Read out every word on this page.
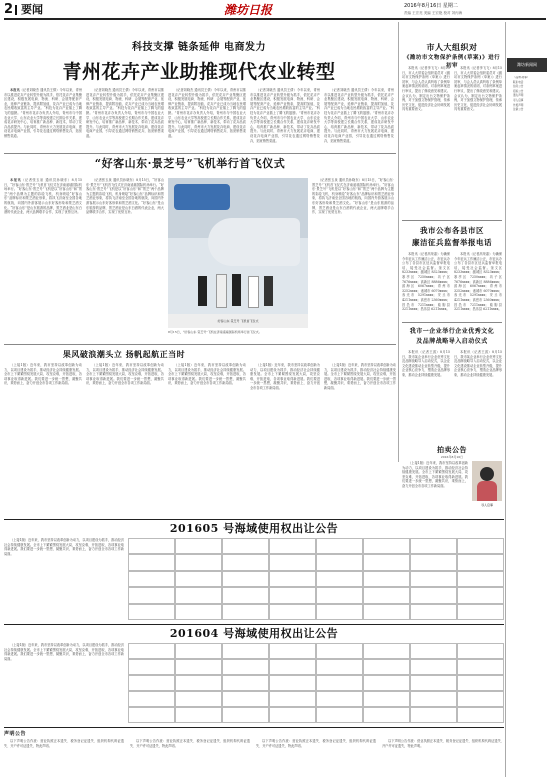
2 要闻	潍坊日报	2016年8月16日 星期二
责编 王宏亮 美编 王宏艳 校对 刘丙海
科技支撑 链条延伸 电商发力
青州花卉产业助推现代农业转型

本报讯（记者刘晓杰 通讯员王倩）今年以来，青州市以推进花卉产业转型升级为抓手，依托花卉产业集聚区建设，积极发展电商、物流、科研、会展等配套产业，延伸产业链条，提高附加值，花卉产业已成为当地农民增收致富的主导产业。“科技为花卉产业插上了腾飞的翅膀。”青州市花卉办负责人介绍，青州市与中国农业大学、山东农业大学等高校建立长期合作关系，建成花卉研发中心，培育推广新品种、新技术，带动了花卉品质提升。与此同时，青州市大力发展花卉电商，建设花卉电商产业园，引导花农通过网络销售花卉，拓宽销售渠道。

（记者刘晓杰 通讯员王倩）今年以来，青州市以推进花卉产业转型升级为抓手，依托花卉产业集聚区建设，积极发展电商、物流、科研、会展等配套产业，延伸产业链条，提高附加值，花卉产业已成为当地农民增收致富的主导产业。“科技为花卉产业插上了腾飞的翅膀。”青州市花卉办负责人介绍，青州市与中国农业大学、山东农业大学等高校建立长期合作关系，建成花卉研发中心，培育推广新品种、新技术，带动了花卉品质提升。与此同时，青州市大力发展花卉电商，建设花卉电商产业园，引导花农通过网络销售花卉，拓宽销售渠道。

（记者刘晓杰 通讯员王倩）今年以来，青州市以推进花卉产业转型升级为抓手，依托花卉产业集聚区建设，积极发展电商、物流、科研、会展等配套产业，延伸产业链条，提高附加值，花卉产业已成为当地农民增收致富的主导产业。“科技为花卉产业插上了腾飞的翅膀。”青州市花卉办负责人介绍，青州市与中国农业大学、山东农业大学等高校建立长期合作关系，建成花卉研发中心，培育推广新品种、新技术，带动了花卉品质提升。与此同时，青州市大力发展花卉电商，建设花卉电商产业园，引导花农通过网络销售花卉，拓宽销售渠道。

（记者刘晓杰 通讯员王倩）今年以来，青州市以推进花卉产业转型升级为抓手，依托花卉产业集聚区建设，积极发展电商、物流、科研、会展等配套产业，延伸产业链条，提高附加值，花卉产业已成为当地农民增收致富的主导产业。“科技为花卉产业插上了腾飞的翅膀。”青州市花卉办负责人介绍，青州市与中国农业大学、山东农业大学等高校建立长期合作关系，建成花卉研发中心，培育推广新品种、新技术，带动了花卉品质提升。与此同时，青州市大力发展花卉电商，建设花卉电商产业园，引导花农通过网络销售花卉，拓宽销售渠道。

（记者刘晓杰 通讯员王倩）今年以来，青州市以推进花卉产业转型升级为抓手，依托花卉产业集聚区建设，积极发展电商、物流、科研、会展等配套产业，延伸产业链条，提高附加值，花卉产业已成为当地农民增收致富的主导产业。“科技为花卉产业插上了腾飞的翅膀。”青州市花卉办负责人介绍，青州市与中国农业大学、山东农业大学等高校建立长期合作关系，建成花卉研发中心，培育推广新品种、新技术，带动了花卉品质提升。与此同时，青州市大力发展花卉电商，建设花卉电商产业园，引导花农通过网络销售花卉，拓宽销售渠道。

市人大组织对
《潍坊市文物保护条例(草案)》进行初审

本报讯（记者李飞飞）8月15日，市人大常委会组织委员对《潍坊市文物保护条例（草案）》进行初审，与会人员认真听取了条例草案起草情况的说明，对条例草案进行审议，提出了修改意见和建议。会议认为，制定出台文物保护条例，对于加强文物保护管理，传承历史文化，促进经济社会协调发展具有重要意义。

本报讯（记者李飞飞）8月15日，市人大常委会组织委员对《潍坊市文物保护条例（草案）》进行初审，与会人员认真听取了条例草案起草情况的说明，对条例草案进行审议，提出了修改意见和建议。会议认为，制定出台文物保护条例，对于加强文物保护管理，传承历史文化，促进经济社会协调发展具有重要意义。

我市公布各县市区
廉洁征兵监督举报电话

本报讯（记者高荣嘉）为确保今年征兵工作廉洁公正，市征兵办公布了各县市区征兵监督举报电话，接受社会监督。奎文区 8233xxxx；潍城区 8323xxxx；寒亭区 7250xxxx；坊子区 7676xxxx；高新区 8886xxxx；滨海区 6067xxxx；青州市 3252xxxx；诸城市 6070xxxx；寿光市 5291xxxx；安丘市 4211xxxx；高密市 2360xxxx；昌邑市 7211xxxx；临朐县 3211xxxx；昌乐县 6211xxxx。

本报讯（记者高荣嘉）为确保今年征兵工作廉洁公正，市征兵办公布了各县市区征兵监督举报电话，接受社会监督。奎文区 8233xxxx；潍城区 8323xxxx；寒亭区 7250xxxx；坊子区 7676xxxx；高新区 8886xxxx；滨海区 6067xxxx；青州市 3252xxxx；诸城市 6070xxxx；寿光市 5291xxxx；安丘市 4211xxxx；高密市 2360xxxx；昌邑市 7211xxxx；临朐县 3211xxxx；昌乐县 6211xxxx。

我市一企业举行企业优秀文化
及品牌战略导入启动仪式

本报讯（记者王滨）8月15日，我市某企业举行企业优秀文化及品牌战略导入启动仪式，以企业文化建设推动企业转型升级，提升企业核心竞争力，塑造企业品牌形象，推动企业持续健康发展。

本报讯（记者王滨）8月15日，我市某企业举行企业优秀文化及品牌战略导入启动仪式，以企业文化建设推动企业转型升级，提升企业核心竞争力，塑造企业品牌形象，推动企业持续健康发展。

潍坊新闻网

《品牌·故事》

联系电话

拍卖公告

招标公告

遗失声明

寻人启事

作废声明

注销公告

“好客山东·景芝号”飞机举行首飞仪式

本报讯（记者张玉泉 通讯员孙晓东）8月15日，“好客山东·景芝号”飞机首飞仪式在济南遥墙国际机场举行。“好客山东·景芝号”飞机是以“好客山东”和“景芝”两个品牌为主题的彩绘飞机，机身喷绘“好客山东”品牌标识和景芝酒业形象，将执飞济南至全国各地的航线，向国内外游客展示山东好客形象和景芝酒文化。“好客山东”是山东旅游的品牌，景芝酒业是山东白酒的代表企业，两大品牌联手合作，实现了优势互补。

（记者张玉泉 通讯员孙晓东）8月15日，“好客山东·景芝号”飞机首飞仪式在济南遥墙国际机场举行。“好客山东·景芝号”飞机是以“好客山东”和“景芝”两个品牌为主题的彩绘飞机，机身喷绘“好客山东”品牌标识和景芝酒业形象，将执飞济南至全国各地的航线，向国内外游客展示山东好客形象和景芝酒文化。“好客山东”是山东旅游的品牌，景芝酒业是山东白酒的代表企业，两大品牌联手合作，实现了优势互补。

好客山东·景芝号 飞机首飞仪式

（记者张玉泉 通讯员孙晓东）8月15日，“好客山东·景芝号”飞机首飞仪式在济南遥墙国际机场举行。“好客山东·景芝号”飞机是以“好客山东”和“景芝”两个品牌为主题的彩绘飞机，机身喷绘“好客山东”品牌标识和景芝酒业形象，将执飞济南至全国各地的航线，向国内外游客展示山东好客形象和景芝酒文化。“好客山东”是山东旅游的品牌，景芝酒业是山东白酒的代表企业，两大品牌联手合作，实现了优势互补。

8月15日，“好客山东·景芝号”飞机在济南遥墙国际机场举行首飞仪式。
果风破浪潮头立 扬帆起航正当时

（上接1版）近年来，我市坚持以改革创新为动力，以项目建设为抓手，推动经济社会持续健康发展。全市上下紧紧围绕发展大局，攻坚克难，开拓进取，各项事业取得新进展。我们要进一步统一思想，凝聚共识，乘势而上，奋力开创全市各项工作新局面。

（上接1版）近年来，我市坚持以改革创新为动力，以项目建设为抓手，推动经济社会持续健康发展。全市上下紧紧围绕发展大局，攻坚克难，开拓进取，各项事业取得新进展。我们要进一步统一思想，凝聚共识，乘势而上，奋力开创全市各项工作新局面。

（上接1版）近年来，我市坚持以改革创新为动力，以项目建设为抓手，推动经济社会持续健康发展。全市上下紧紧围绕发展大局，攻坚克难，开拓进取，各项事业取得新进展。我们要进一步统一思想，凝聚共识，乘势而上，奋力开创全市各项工作新局面。

（上接1版）近年来，我市坚持以改革创新为动力，以项目建设为抓手，推动经济社会持续健康发展。全市上下紧紧围绕发展大局，攻坚克难，开拓进取，各项事业取得新进展。我们要进一步统一思想，凝聚共识，乘势而上，奋力开创全市各项工作新局面。

（上接1版）近年来，我市坚持以改革创新为动力，以项目建设为抓手，推动经济社会持续健康发展。全市上下紧紧围绕发展大局，攻坚克难，开拓进取，各项事业取得新进展。我们要进一步统一思想，凝聚共识，乘势而上，奋力开创全市各项工作新局面。

拍卖公告
2016年8月16日

（上接1版）近年来，我市坚持以改革创新为动力，以项目建设为抓手，推动经济社会持续健康发展。全市上下紧紧围绕发展大局，攻坚克难，开拓进取，各项事业取得新进展。我们要进一步统一思想，凝聚共识，乘势而上，奋力开创全市各项工作新局面。

寻人启事
201605 号海域使用权出让公告

（上接1版）近年来，我市坚持以改革创新为动力，以项目建设为抓手，推动经济社会持续健康发展。全市上下紧紧围绕发展大局，攻坚克难，开拓进取，各项事业取得新进展。我们要进一步统一思想，凝聚共识，乘势而上，奋力开创全市各项工作新局面。

201604 号海域使用权出让公告

（上接1版）近年来，我市坚持以改革创新为动力，以项目建设为抓手，推动经济社会持续健康发展。全市上下紧紧围绕发展大局，攻坚克难，开拓进取，各项事业取得新进展。我们要进一步统一思想，凝聚共识，乘势而上，奋力开创全市各项工作新局面。

声明公告

以下声明公告作废：营业执照正本遗失、税务登记证遗失、组织机构代码证遗失、开户许可证遗失，特此声明。

以下声明公告作废：营业执照正本遗失、税务登记证遗失、组织机构代码证遗失、开户许可证遗失，特此声明。

以下声明公告作废：营业执照正本遗失、税务登记证遗失、组织机构代码证遗失、开户许可证遗失，特此声明。

以下声明公告作废：营业执照正本遗失、税务登记证遗失、组织机构代码证遗失、开户许可证遗失，特此声明。
